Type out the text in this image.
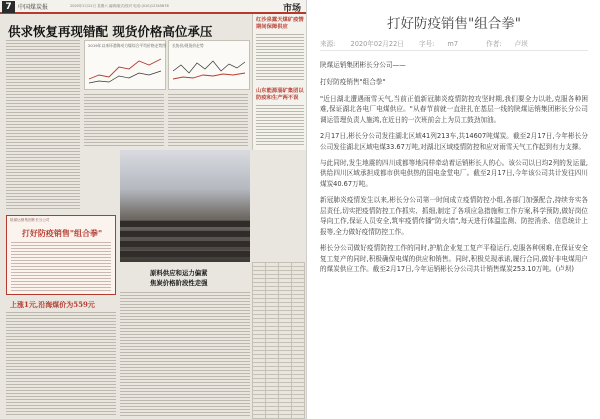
7	中国煤炭报	2020年2月22日 星期六 编辑/版式/校对 电话:(010)12345678	市场
供求恢复再现错配 现货价格高位承压
红沙泉露天煤矿疫情期间保障供应
山东能源淄矿集团以防疫和生产两不误
2019年以来环渤海动力煤综合平均价格走势图 长协价/现货价走势
陕煤运销集团彬长分公司
打好防疫销售"组合拳"
原料供应和运力偏紧
焦炭价格阶段性走强
上涨1元,沿海煤价为559元
打好防疫销售"组合拳"
来源: 2020年02月22日 字号: m7	作者: 卢坝

陕煤运销集团彬长分公司——

打好防疫销售"组合拳"

"近日湖北遭遇雨雪天气,当前正值新冠肺炎疫情防控攻坚时期,我们要全力以赴,克服各种困难,保证湖北各电厂电煤供应。"从春节前就一直驻扎在基层一线的陕煤运销集团彬长分公司调运管理负责人施鸿,在近日的一次班前会上为员工鼓劲加油。

2月17日,彬长分公司发往湖北区域41列213车,共14607吨煤炭。截至2月17日,今年彬长分公司发往湖北区域电煤33.67万吨,对湖北区域疫情防控和应对雨雪天气工作起到有力支撑。

与此同时,发生地震的四川成都等地同样牵动着运销彬长人的心。该公司以日均2列的发运量,供给四川区域承担成都市供电供热的国电金堂电厂。截至2月17日,今年该公司共计发往四川煤炭40.67万吨。

新冠肺炎疫情发生以来,彬长分公司第一时间成立疫情防控小组,各部门加强配合,持续夯实各层责任,切实把疫情防控工作抓实、抓细,制定了各项应急措施和工作方案,科学预防,做好岗位导向工作,保证人员安全,筑牢疫情传播"防火墙",每天进行体温监测、防控消杀、信息统计上报等,全力做好疫情防控工作。

彬长分公司做好疫情防控工作的同时,护航企业复工复产平稳运行,克服各种困难,在保证安全复工复产的同时,积极确保电煤的供应和销售。同时,积极兑现承诺,履行合同,做好非电煤用户的煤炭供应工作。截至2月17日,今年运销彬长分公司共计销售煤炭253.10万吨。(卢坝)
